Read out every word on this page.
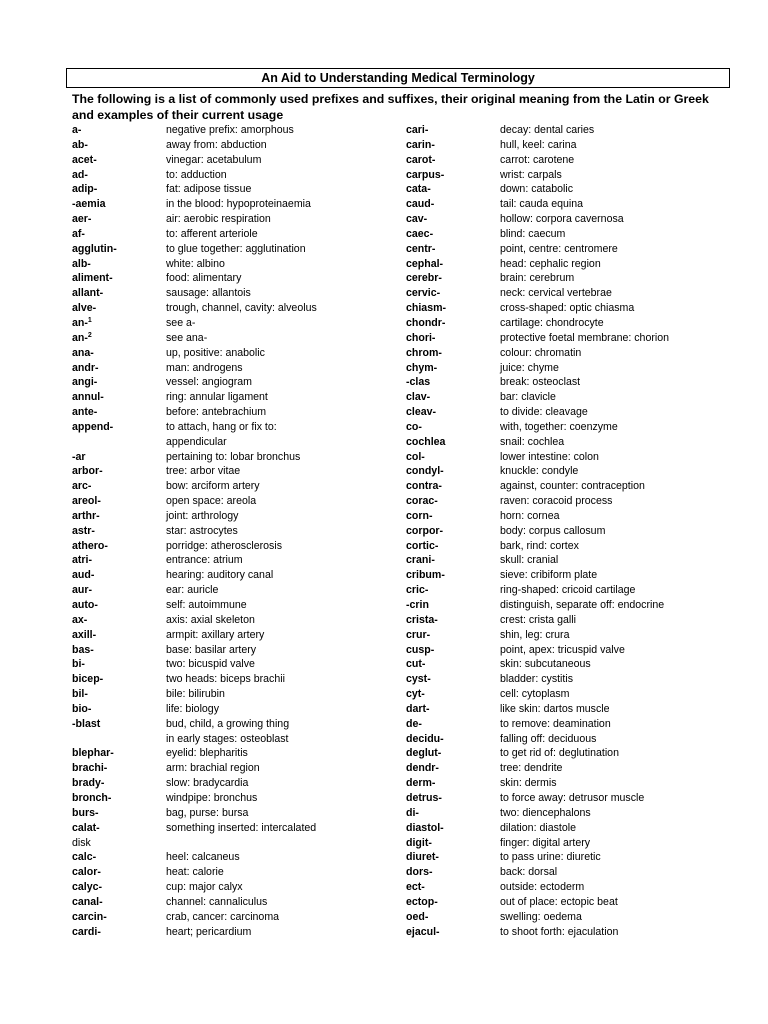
An Aid to Understanding Medical Terminology
The following is a list of commonly used prefixes and suffixes, their original meaning from the Latin or Greek and examples of their current usage
a-	negative prefix: amorphous
ab-	away from: abduction
acet-	vinegar: acetabulum
ad-	to: adduction
adip-	fat: adipose tissue
-aemia	in the blood: hypoproteinaemia
aer-	air: aerobic respiration
af-	to: afferent arteriole
agglutin-	to glue together: agglutination
alb-	white: albino
aliment-	food: alimentary
allant-	sausage: allantois
alve-	trough, channel, cavity: alveolus
an-$^1$	see a-
an-$^2$	see ana-
ana-	up, positive: anabolic
andr-	man: androgens
angi-	vessel: angiogram
annul-	ring: annular ligament
ante-	before: antebrachium
append-	to attach, hang or fix to:
appendicular
-ar	pertaining to: lobar bronchus
arbor-	tree: arbor vitae
arc-	bow: arciform artery
areol-	open space: areola
arthr-	joint: arthrology
astr-	star: astrocytes
athero-	porridge: atherosclerosis
atri-	entrance: atrium
aud-	hearing: auditory canal
aur-	ear: auricle
auto-	self: autoimmune
ax-	axis: axial skeleton
axill-	armpit: axillary artery
bas-	base: basilar artery
bi-	two: bicuspid valve
bicep-	two heads: biceps brachii
bil-	bile: bilirubin
bio-	life: biology
-blast	bud, child, a growing thing
in early stages: osteoblast
blephar-	eyelid: blepharitis
brachi-	arm: brachial region
brady-	slow: bradycardia
bronch-	windpipe: bronchus
burs-	bag, purse: bursa
calat-	something inserted: intercalated
disk
calc-	heel: calcaneus
calor-	heat: calorie
calyc-	cup: major calyx
canal-	channel: cannaliculus
carcin-	crab, cancer: carcinoma
cardi-	heart; pericardium
cari-	decay: dental caries
carin-	hull, keel: carina
carot-	carrot: carotene
carpus-	wrist: carpals
cata-	down: catabolic
caud-	tail: cauda equina
cav-	hollow: corpora cavernosa
caec-	blind: caecum
centr-	point, centre: centromere
cephal-	head: cephalic region
cerebr-	brain: cerebrum
cervic-	neck: cervical vertebrae
chiasm-	cross-shaped: optic chiasma
chondr-	cartilage: chondrocyte
chori-	protective foetal membrane: chorion
chrom-	colour: chromatin
chym-	juice: chyme
-clas	break: osteoclast
clav-	bar: clavicle
cleav-	to divide: cleavage
co-	with, together: coenzyme
cochlea	snail: cochlea
col-	lower intestine: colon
condyl-	knuckle: condyle
contra-	against, counter: contraception
corac-	raven: coracoid process
corn-	horn: cornea
corpor-	body: corpus callosum
cortic-	bark, rind: cortex
crani-	skull: cranial
cribum-	sieve: cribiform plate
cric-	ring-shaped: cricoid cartilage
-crin	distinguish, separate off: endocrine
crista-	crest: crista galli
crur-	shin, leg: crura
cusp-	point, apex: tricuspid valve
cut-	skin: subcutaneous
cyst-	bladder: cystitis
cyt-	cell: cytoplasm
dart-	like skin: dartos muscle
de-	to remove: deamination
decidu-	falling off: deciduous
deglut-	to get rid of: deglutination
dendr-	tree: dendrite
derm-	skin: dermis
detrus-	to force away: detrusor muscle
di-	two: diencephalons
diastol-	dilation: diastole
digit-	finger: digital artery
diuret-	to pass urine: diuretic
dors-	back: dorsal
ect-	outside: ectoderm
ectop-	out of place: ectopic beat
oed-	swelling: oedema
ejacul-	to shoot forth: ejaculation
